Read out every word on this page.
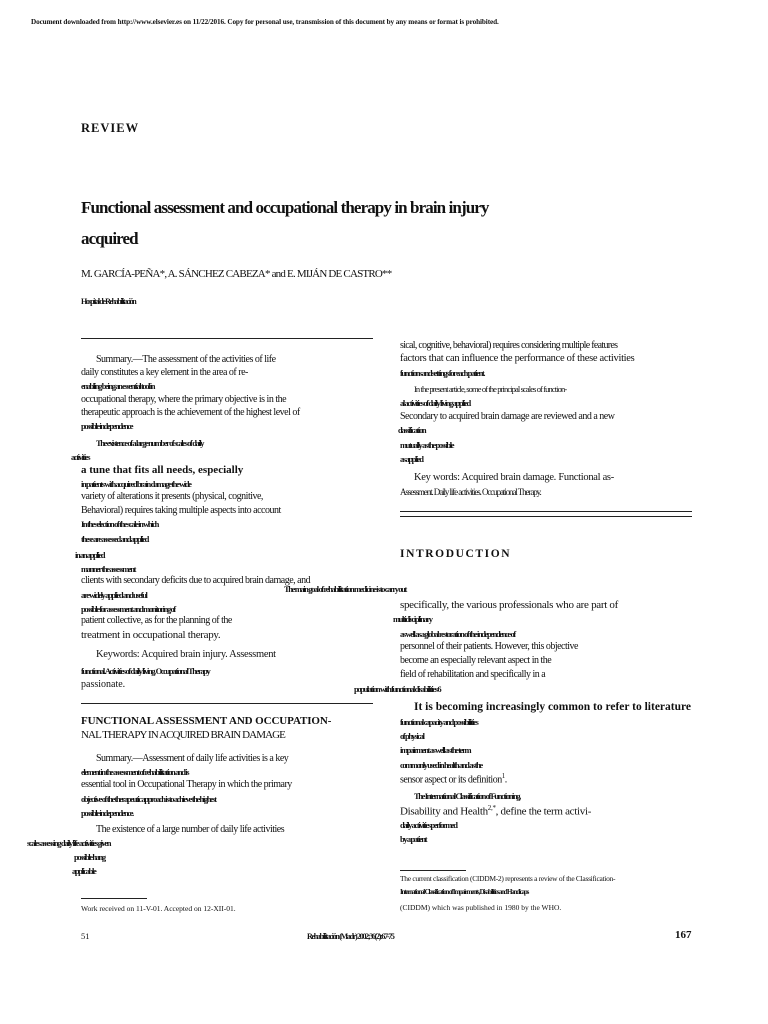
Document downloaded from http://www.elsevier.es on 11/22/2016. Copy for personal use, transmission of this document by any means or format is prohibited.
REVIEW
Functional assessment and occupational therapy in brain injury
acquired
M. GARCÍA-PEÑA*, A. SÁNCHEZ CABEZA* and E. MIJÁN DE CASTRO**
Hospital de Rehabilitación
Summary.—The assessment of the activities of life
daily constitutes a key element in the area of re-
enabling being an essential tool in
occupational therapy, where the primary objective is in the
therapeutic approach is the achievement of the highest level of
possible independence
The existence of a large number of scales of daily
activities
a tune that fits all needs, especially
in patients with acquired brain damage the wide
variety of alterations it presents (physical, cognitive,
Behavioral) requires taking multiple aspects into account
In the selection of the scale in which
these are assessed and applied
in an applied
manner the assessment
clients with secondary deficits due to acquired brain damage, and
are widely applied and useful
possible for assessment and monitoring of
patient collective, as for the planning of the
treatment in occupational therapy.
Keywords: Acquired brain injury. Assessment
functional. Activities of daily living. Occupational Therapy
passionate.
FUNCTIONAL ASSESSMENT AND OCCUPATION-
NAL THERAPY IN ACQUIRED BRAIN DAMAGE
Summary.—Assessment of daily life activities is a key
element in the assessment of rehabilitation and is
essential tool in Occupational Therapy in which the primary
objective of the therapeutic approach is to achieve the highest
possible independence.
The existence of a large number of daily life activities
scales assessing daily life activities given
possible hang
applicable
Work received on 11-V-01. Accepted on 12-XII-01.
sical, cognitive, behavioral) requires considering multiple features
factors that can influence the performance of these activities
functions and settings for each patient.
In the present article, some of the principal scales of function-
al activities of daily living applied
Secondary to acquired brain damage are reviewed and a new
classification
mutually as the possible
as applied
Key words: Acquired brain damage. Functional as-
Assessment. Daily life activities. Occupational Therapy.
INTRODUCTION
The main goal of rehabilitation medicine is to carry out
specifically, the various professionals who are part of
multidisciplinary
as well as a global restoration of the independence of
personnel of their patients. However, this objective
become an especially relevant aspect in the
field of rehabilitation and specifically in a
population with functional disabilities 6
It is becoming increasingly common to refer to literature
functional capacity and possibilities
of physical
impairment as well as the term
commonly used in health and as the
sensor aspect or its definition$^1$.
The International Classification of Functioning,
Disability and Health$^{2,*}$, define the term activi-
daily activities performed
by a patient
The current classification (CIDDM-2) represents a review of the Classification-
International Classification of Impairments, Disabilities and Handicaps
(CIDDM) which was published in 1980 by the WHO.
51	Rehabilitación (Madr) 2002;36(2):67-75	167
